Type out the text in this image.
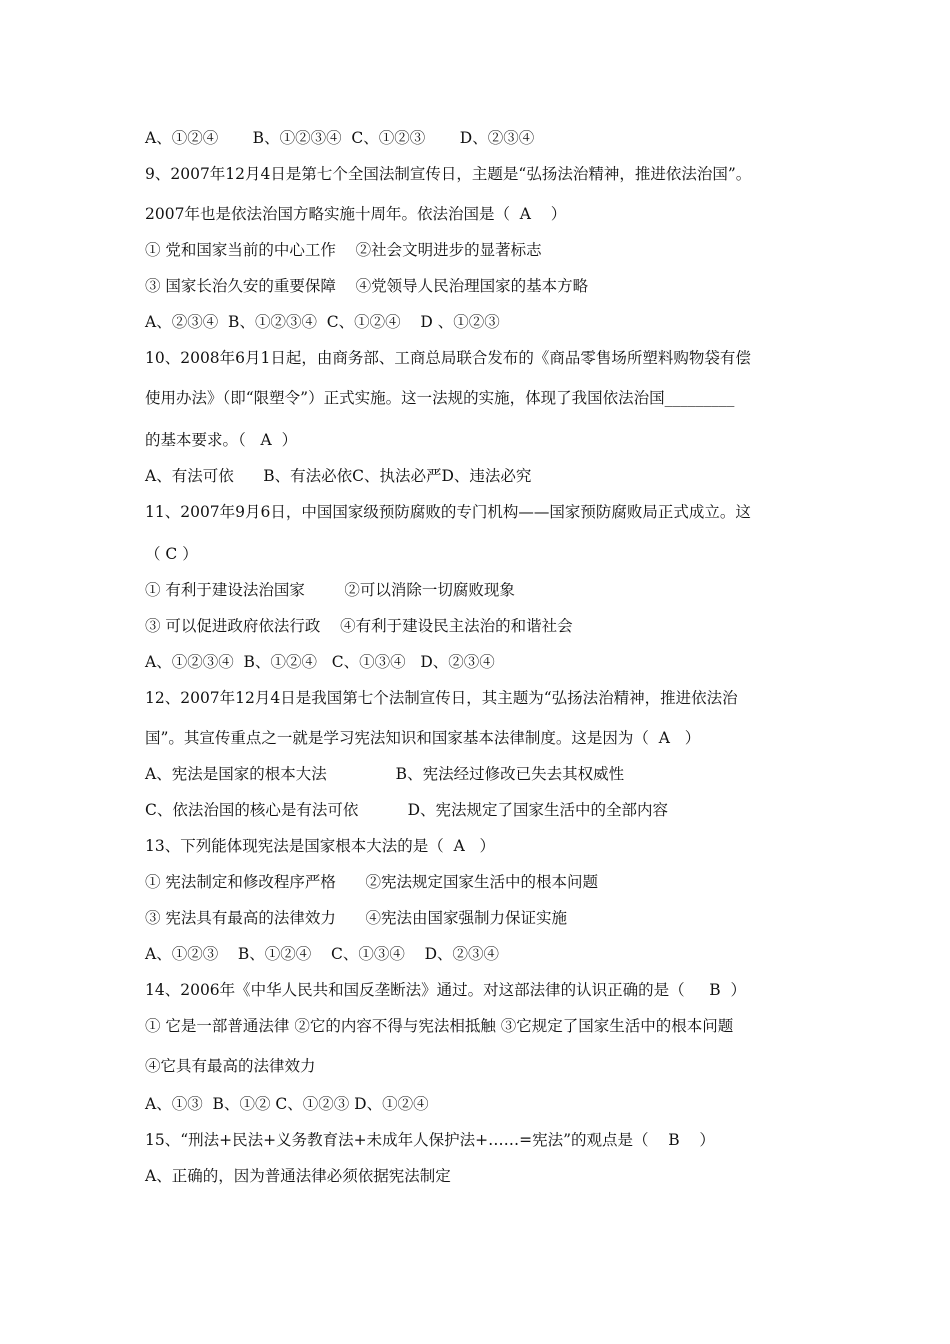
A、①②④       B、①②③④  C、①②③       D、②③④
9、2007年12月4日是第七个全国法制宣传日，主题是“弘扬法治精神，推进依法治国”。
2007年也是依法治国方略实施十周年。依法治国是（  A    ）
① 党和国家当前的中心工作    ②社会文明进步的显著标志
③ 国家长治久安的重要保障    ④党领导人民治理国家的基本方略
A、②③④  B、①②③④  C、①②④    D 、①②③
10、2008年6月1日起，由商务部、工商总局联合发布的《商品零售场所塑料购物袋有偿
使用办法》（即“限塑令”）正式实施。这一法规的实施，体现了我国依法治国_________
的基本要求。（   A  ）
A、有法可依      B、有法必依C、执法必严D、违法必究
11、2007年9月6日，中国国家级预防腐败的专门机构——国家预防腐败局正式成立。这
（ C ）
① 有利于建设法治国家        ②可以消除一切腐败现象
③ 可以促进政府依法行政    ④有利于建设民主法治的和谐社会
A、①②③④  B、①②④   C、①③④   D、②③④
12、2007年12月4日是我国第七个法制宣传日，其主题为“弘扬法治精神，推进依法治
国”。其宣传重点之一就是学习宪法知识和国家基本法律制度。这是因为（  A   ）
A、宪法是国家的根本大法              B、宪法经过修改已失去其权威性
C、依法治国的核心是有法可依          D、宪法规定了国家生活中的全部内容
13、下列能体现宪法是国家根本大法的是（  A   ）
① 宪法制定和修改程序严格      ②宪法规定国家生活中的根本问题
③ 宪法具有最高的法律效力      ④宪法由国家强制力保证实施
A、①②③    B、①②④    C、①③④    D、②③④
14、2006年《中华人民共和国反垄断法》通过。对这部法律的认识正确的是（     B  ）
① 它是一部普通法律 ②它的内容不得与宪法相抵触 ③它规定了国家生活中的根本问题
④它具有最高的法律效力
A、①③  B、①② C、①②③ D、①②④
15、“刑法+民法+义务教育法+未成年人保护法+……=宪法”的观点是（    B    ）
A、正确的，因为普通法律必须依据宪法制定
